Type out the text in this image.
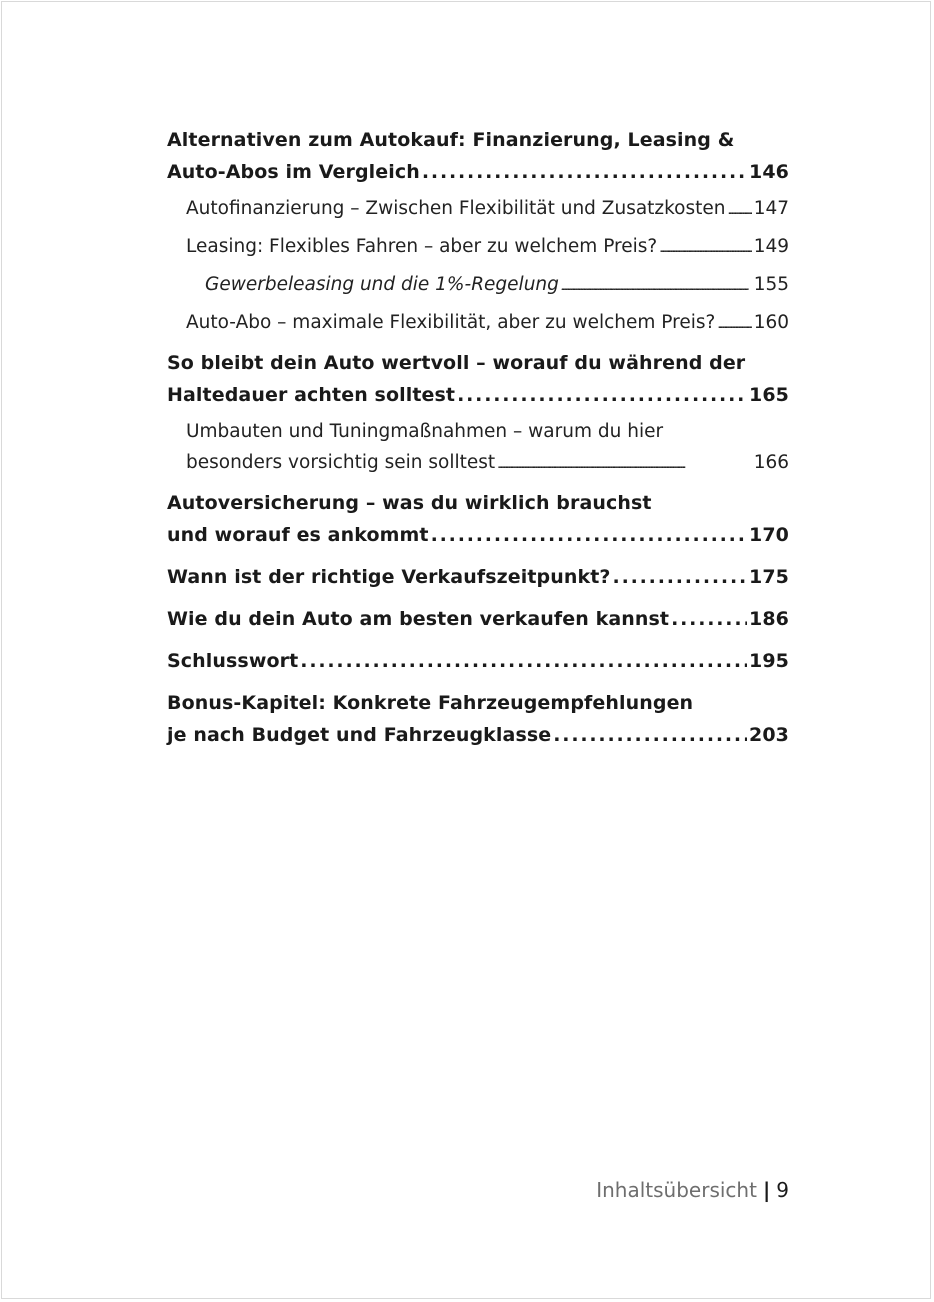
Alternativen zum Autokauf: Finanzierung, Leasing &
Auto-Abos im Vergleich . . .	146
Autofinanzierung – Zwischen Flexibilität und Zusatzkosten . . . 147
Leasing: Flexibles Fahren – aber zu welchem Preis? . . .	149
Gewerbeleasing und die 1%-Regelung . . .	155
Auto-Abo – maximale Flexibilität, aber zu welchem Preis? . . . 160
So bleibt dein Auto wertvoll – worauf du während der
Haltedauer achten solltest . . .	165
Umbauten und Tuningmaßnahmen – warum du hier
besonders vorsichtig sein solltest . . .	166
Autoversicherung – was du wirklich brauchst
und worauf es ankommt . . .	170
Wann ist der richtige Verkaufszeitpunkt? . . .	175
Wie du dein Auto am besten verkaufen kannst . . .	186
Schlusswort . . .	195
Bonus-Kapitel: Konkrete Fahrzeugempfehlungen
je nach Budget und Fahrzeugklasse . . .	203
Inhaltsübersicht | 9
